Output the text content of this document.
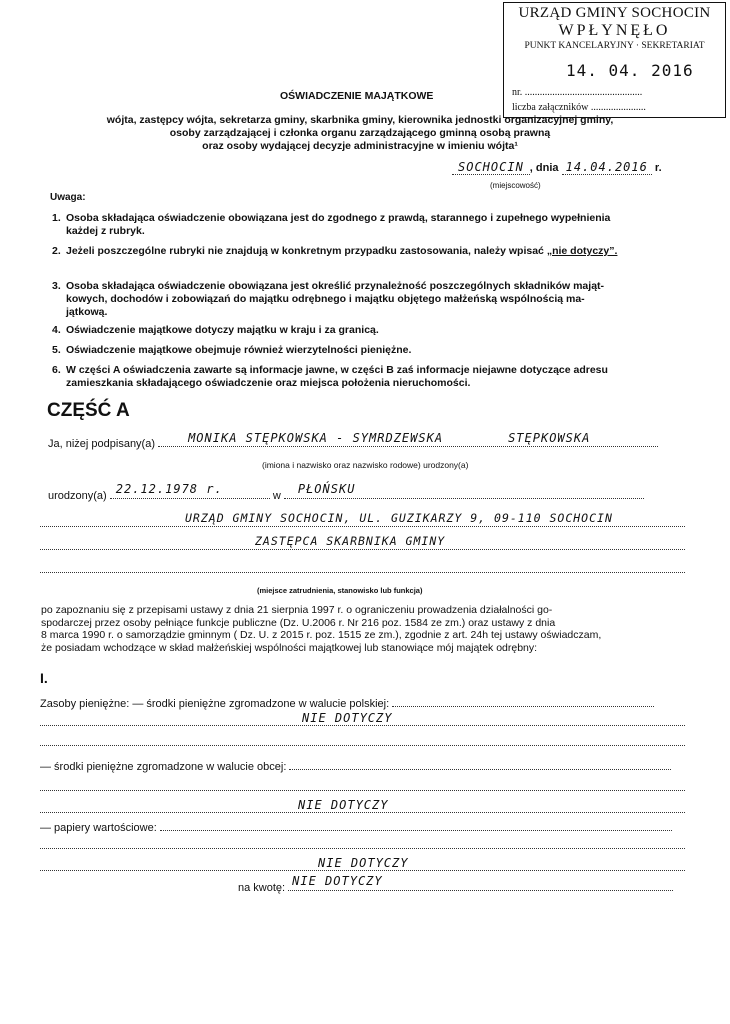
URZĄD GMINY SOCHOCIN
WPŁYNĘŁO
PUNKT KANCELARYJNY · SEKRETARIAT
14. 04. 2016
nr. ...............................................
liczba załączników ......................
OŚWIADCZENIE MAJĄTKOWE
wójta, zastępcy wójta, sekretarza gminy, skarbnika gminy, kierownika jednostki organizacyjnej gminy,
osoby zarządzającej i członka organu zarządzającego gminną osobą prawną
oraz osoby wydającej decyzje administracyjne w imieniu wójta¹
SOCHOCIN , dnia 14.04.2016 r.
(miejscowość)
Uwaga:
1. Osoba składająca oświadczenie obowiązana jest do zgodnego z prawdą, starannego i zupełnego wypełnienia
każdej z rubryk.
2. Jeżeli poszczególne rubryki nie znajdują w konkretnym przypadku zastosowania, należy wpisać „nie dotyczy”.
3. Osoba składająca oświadczenie obowiązana jest określić przynależność poszczególnych składników mająt-
kowych, dochodów i zobowiązań do majątku odrębnego i majątku objętego małżeńską wspólnością ma-
jątkową.
4. Oświadczenie majątkowe dotyczy majątku w kraju i za granicą.
5. Oświadczenie majątkowe obejmuje również wierzytelności pieniężne.
6. W części A oświadczenia zawarte są informacje jawne, w części B zaś informacje niejawne dotyczące adresu
zamieszkania składającego oświadczenie oraz miejsca położenia nieruchomości.
CZĘŚĆ A
Ja, niżej podpisany(a)	MONIKA STĘPKOWSKA - SYMRDZEWSKA	STĘPKOWSKA
(imiona i nazwisko oraz nazwisko rodowe) urodzony(a)
urodzony(a) 22.12.1978 r.	w PŁOŃSKU
URZĄD GMINY SOCHOCIN, UL. GUZIKARZY 9, 09-110 SOCHOCIN
ZASTĘPCA SKARBNIKA GMINY
(miejsce zatrudnienia, stanowisko lub funkcja)
po zapoznaniu się z przepisami ustawy z dnia 21 sierpnia 1997 r. o ograniczeniu prowadzenia działalności go-
spodarczej przez osoby pełniące funkcje publiczne (Dz. U.2006 r. Nr 216 poz. 1584 ze zm.) oraz ustawy z dnia
8 marca 1990 r. o samorządzie gminnym ( Dz. U. z 2015 r. poz. 1515 ze zm.), zgodnie z art. 24h tej ustawy oświadczam,
że posiadam wchodzące w skład małżeńskiej wspólności majątkowej lub stanowiące mój majątek odrębny:
I.
Zasoby pieniężne: — środki pieniężne zgromadzone w walucie polskiej:
NIE DOTYCZY
— środki pieniężne zgromadzone w walucie obcej:
NIE DOTYCZY
— papiery wartościowe:
NIE DOTYCZY
na kwotę: NIE DOTYCZY
